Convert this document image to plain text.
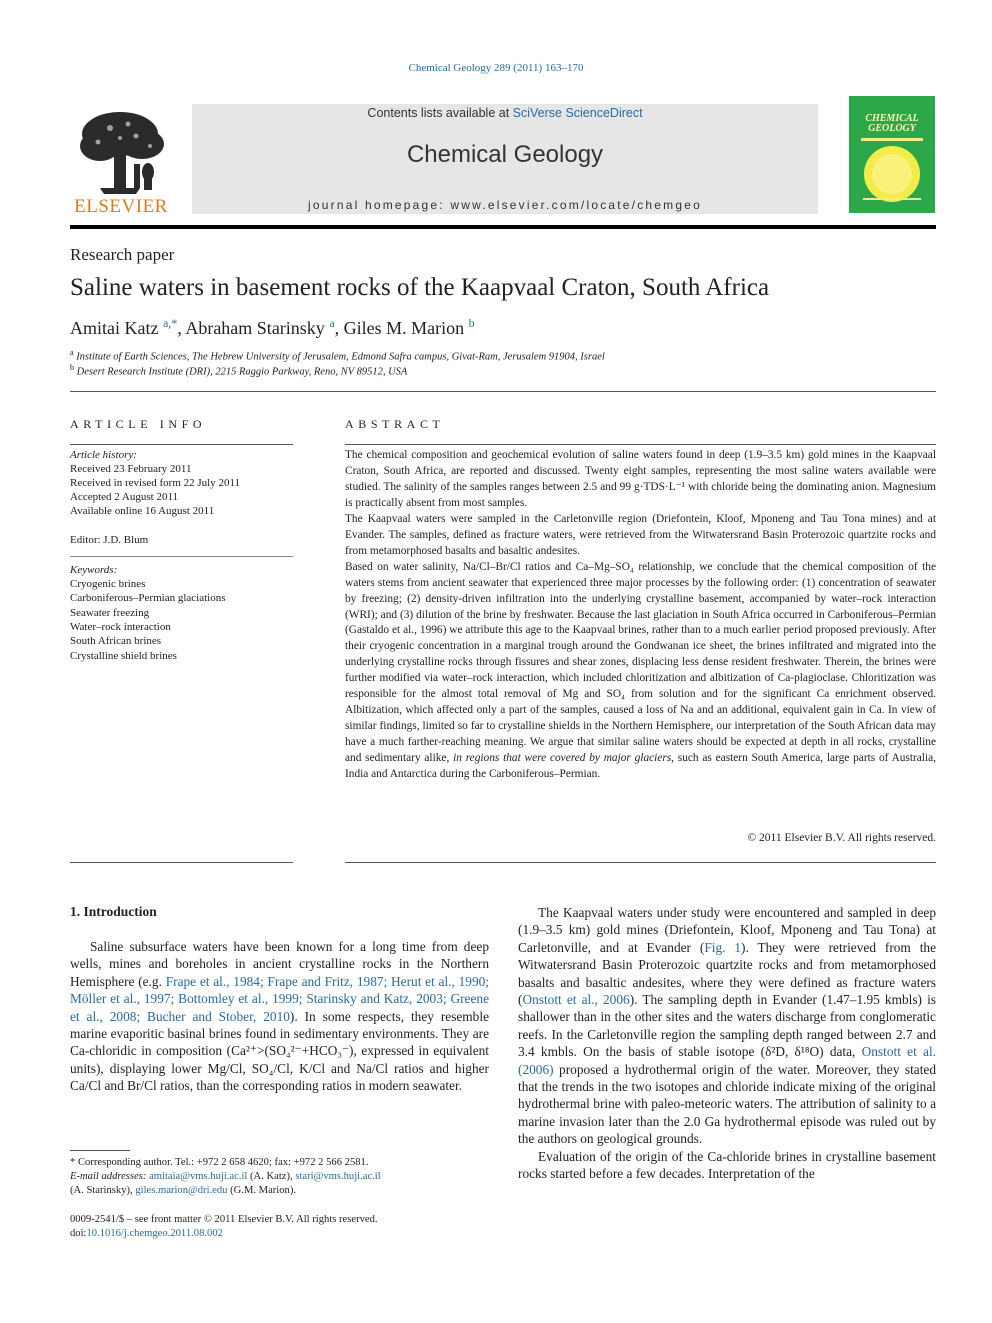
Chemical Geology 289 (2011) 163–170
Contents lists available at SciVerse ScienceDirect
Chemical Geology
journal homepage: www.elsevier.com/locate/chemgeo
ELSEVIER
CHEMICAL
GEOLOGY
Research paper
Saline waters in basement rocks of the Kaapvaal Craton, South Africa
Amitai Katz $^{a,*}$, Abraham Starinsky $^a$, Giles M. Marion $^b$
$^a$ Institute of Earth Sciences, The Hebrew University of Jerusalem, Edmond Safra campus, Givat-Ram, Jerusalem 91904, Israel
$^b$ Desert Research Institute (DRI), 2215 Raggio Parkway, Reno, NV 89512, USA
ARTICLE INFO	ABSTRACT
Article history:
Received 23 February 2011
Received in revised form 22 July 2011
Accepted 2 August 2011
Available online 16 August 2011
Editor: J.D. Blum
Keywords:
Cryogenic brines
Carboniferous–Permian glaciations
Seawater freezing
Water–rock interaction
South African brines
Crystalline shield brines

The chemical composition and geochemical evolution of saline waters found in deep (1.9–3.5 km) gold mines in the Kaapvaal Craton, South Africa, are reported and discussed. Twenty eight samples, representing the most saline waters available were studied. The salinity of the samples ranges between 2.5 and 99 g·TDS·L⁻¹ with chloride being the dominating anion. Magnesium is practically absent from most samples.

The Kaapvaal waters were sampled in the Carletonville region (Driefontein, Kloof, Mponeng and Tau Tona mines) and at Evander. The samples, defined as fracture waters, were retrieved from the Witwatersrand Basin Proterozoic quartzite rocks and from metamorphosed basalts and basaltic andesites.

Based on water salinity, Na/Cl–Br/Cl ratios and Ca–Mg–SO₄ relationship, we conclude that the chemical composition of the waters stems from ancient seawater that experienced three major processes by the following order: (1) concentration of seawater by freezing; (2) density-driven infiltration into the underlying crystalline basement, accompanied by water–rock interaction (WRI); and (3) dilution of the brine by freshwater. Because the last glaciation in South Africa occurred in Carboniferous–Permian (Gastaldo et al., 1996) we attribute this age to the Kaapvaal brines, rather than to a much earlier period proposed previously. After their cryogenic concentration in a marginal trough around the Gondwanan ice sheet, the brines infiltrated and migrated into the underlying crystalline rocks through fissures and shear zones, displacing less dense resident freshwater. Therein, the brines were further modified via water–rock interaction, which included chloritization and albitization of Ca-plagioclase. Chloritization was responsible for the almost total removal of Mg and SO₄ from solution and for the significant Ca enrichment observed. Albitization, which affected only a part of the samples, caused a loss of Na and an additional, equivalent gain in Ca. In view of similar findings, limited so far to crystalline shields in the Northern Hemisphere, our interpretation of the South African data may have a much farther-reaching meaning. We argue that similar saline waters should be expected at depth in all rocks, crystalline and sedimentary alike, in regions that were covered by major glaciers, such as eastern South America, large parts of Australia, India and Antarctica during the Carboniferous–Permian.

© 2011 Elsevier B.V. All rights reserved.
1. Introduction

Saline subsurface waters have been known for a long time from deep wells, mines and boreholes in ancient crystalline rocks in the Northern Hemisphere (e.g. Frape et al., 1984; Frape and Fritz, 1987; Herut et al., 1990; Möller et al., 1997; Bottomley et al., 1999; Starinsky and Katz, 2003; Greene et al., 2008; Bucher and Stober, 2010). In some respects, they resemble marine evaporitic basinal brines found in sedimentary environments. They are Ca-chloridic in composition (Ca²⁺>(SO₄²⁻+HCO₃⁻), expressed in equivalent units), displaying lower Mg/Cl, SO₄/Cl, K/Cl and Na/Cl ratios and higher Ca/Cl and Br/Cl ratios, than the corresponding ratios in modern seawater.

The Kaapvaal waters under study were encountered and sampled in deep (1.9–3.5 km) gold mines (Driefontein, Kloof, Mponeng and Tau Tona) at Carletonville, and at Evander (Fig. 1). They were retrieved from the Witwatersrand Basin Proterozoic quartzite rocks and from metamorphosed basalts and basaltic andesites, where they were defined as fracture waters (Onstott et al., 2006). The sampling depth in Evander (1.47–1.95 kmbls) is shallower than in the other sites and the waters discharge from conglomeratic reefs. In the Carletonville region the sampling depth ranged between 2.7 and 3.4 kmbls. On the basis of stable isotope (δ²D, δ¹⁸O) data, Onstott et al. (2006) proposed a hydrothermal origin of the water. Moreover, they stated that the trends in the two isotopes and chloride indicate mixing of the original hydrothermal brine with paleo-meteoric waters. The attribution of salinity to a marine invasion later than the 2.0 Ga hydrothermal episode was ruled out by the authors on geological grounds.

Evaluation of the origin of the Ca-chloride brines in crystalline basement rocks started before a few decades. Interpretation of the

* Corresponding author. Tel.: +972 2 658 4620; fax: +972 2 566 2581.
E-mail addresses: amitaia@vms.huji.ac.il (A. Katz), stari@vms.huji.ac.il
(A. Starinsky), giles.marion@dri.edu (G.M. Marion).
0009-2541/$ – see front matter © 2011 Elsevier B.V. All rights reserved.
doi:10.1016/j.chemgeo.2011.08.002
